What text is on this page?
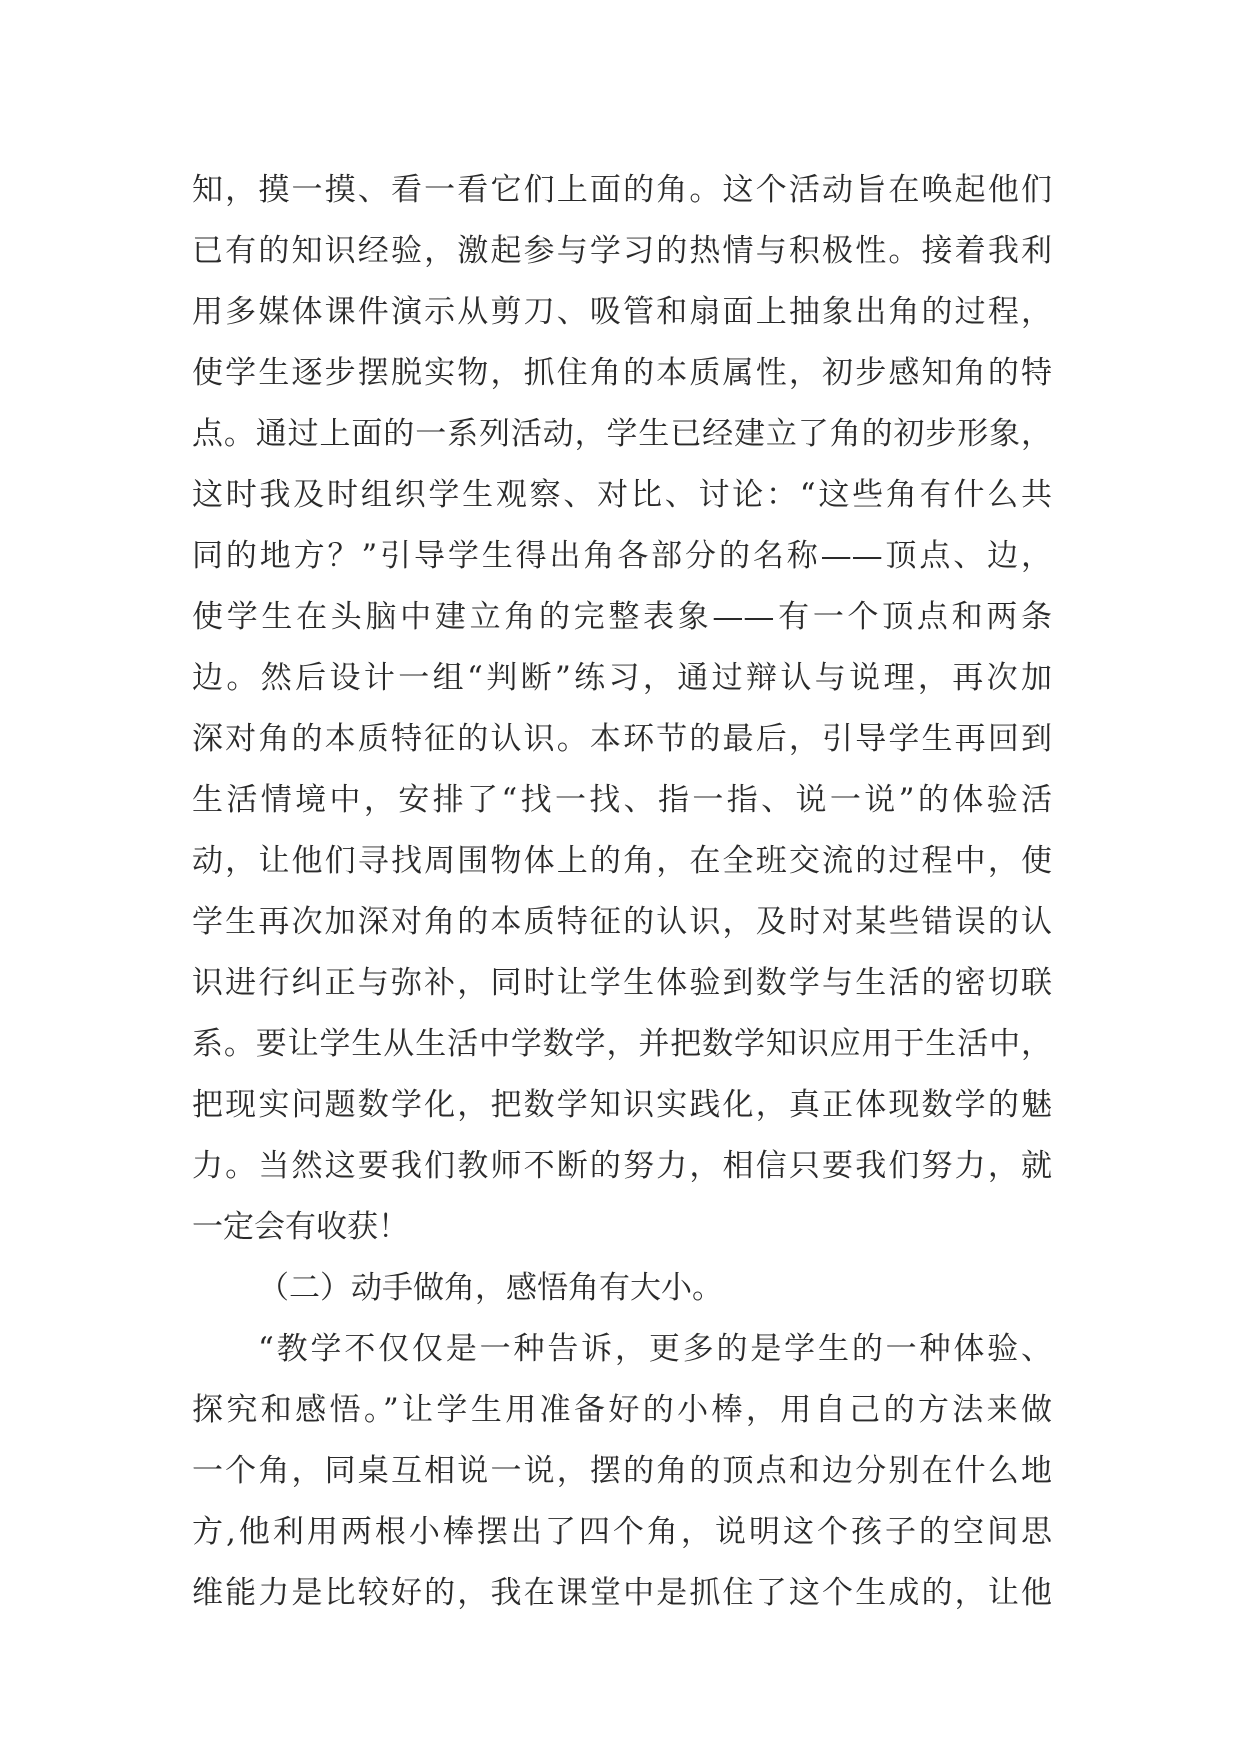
知，摸一摸、看一看它们上面的角。这个活动旨在唤起他们
已有的知识经验，激起参与学习的热情与积极性。接着我利
用多媒体课件演示从剪刀、吸管和扇面上抽象出角的过程，
使学生逐步摆脱实物，抓住角的本质属性，初步感知角的特
点。通过上面的一系列活动，学生已经建立了角的初步形象，
这时我及时组织学生观察、对比、讨论：“这些角有什么共
同的地方？”引导学生得出角各部分的名称——顶点、边，
使学生在头脑中建立角的完整表象——有一个顶点和两条
边。然后设计一组“判断”练习，通过辩认与说理，再次加
深对角的本质特征的认识。本环节的最后，引导学生再回到
生活情境中，安排了“找一找、指一指、说一说”的体验活
动，让他们寻找周围物体上的角，在全班交流的过程中，使
学生再次加深对角的本质特征的认识，及时对某些错误的认
识进行纠正与弥补，同时让学生体验到数学与生活的密切联
系。要让学生从生活中学数学，并把数学知识应用于生活中，
把现实问题数学化，把数学知识实践化，真正体现数学的魅
力。当然这要我们教师不断的努力，相信只要我们努力，就
一定会有收获！
（二）动手做角，感悟角有大小。
“教学不仅仅是一种告诉，更多的是学生的一种体验、
探究和感悟。”让学生用准备好的小棒，用自己的方法来做
一个角，同桌互相说一说，摆的角的顶点和边分别在什么地
方,他利用两根小棒摆出了四个角，说明这个孩子的空间思
维能力是比较好的，我在课堂中是抓住了这个生成的，让他
